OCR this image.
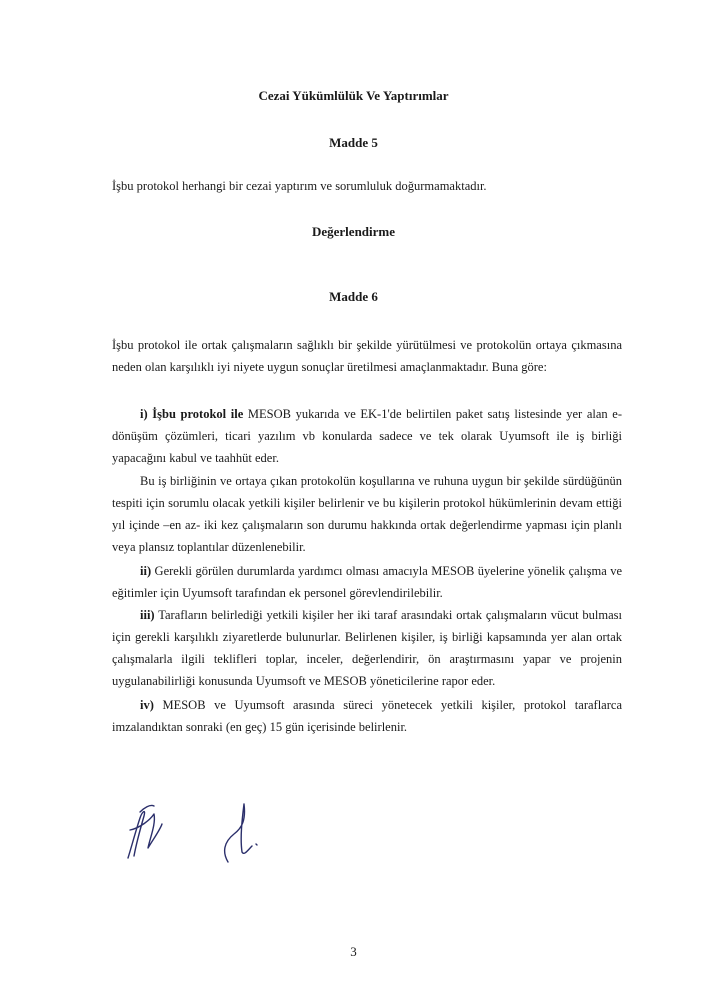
Cezai Yükümlülük Ve Yaptırımlar
Madde 5
İşbu protokol herhangi bir cezai yaptırım ve sorumluluk doğurmamaktadır.
Değerlendirme
Madde 6
İşbu protokol ile ortak çalışmaların sağlıklı bir şekilde yürütülmesi ve protokolün ortaya çıkmasına neden olan karşılıklı iyi niyete uygun sonuçlar üretilmesi amaçlanmaktadır. Buna göre:
i) İşbu protokol ile MESOB yukarıda ve EK-1'de belirtilen paket satış listesinde yer alan e-dönüşüm çözümleri, ticari yazılım vb konularda sadece ve tek olarak Uyumsoft ile iş birliği yapacağını kabul ve taahhüt eder.
Bu iş birliğinin ve ortaya çıkan protokolün koşullarına ve ruhuna uygun bir şekilde sürdüğünün tespiti için sorumlu olacak yetkili kişiler belirlenir ve bu kişilerin protokol hükümlerinin devam ettiği yıl içinde –en az- iki kez çalışmaların son durumu hakkında ortak değerlendirme yapması için planlı veya plansız toplantılar düzenlenebilir.
ii) Gerekli görülen durumlarda yardımcı olması amacıyla MESOB üyelerine yönelik çalışma ve eğitimler için Uyumsoft tarafından ek personel görevlendirilebilir.
iii) Tarafların belirlediği yetkili kişiler her iki taraf arasındaki ortak çalışmaların vücut bulması için gerekli karşılıklı ziyaretlerde bulunurlar. Belirlenen kişiler, iş birliği kapsamında yer alan ortak çalışmalarla ilgili teklifleri toplar, inceler, değerlendirir, ön araştırmasını yapar ve projenin uygulanabilirliği konusunda Uyumsoft ve MESOB yöneticilerine rapor eder.
iv) MESOB ve Uyumsoft arasında süreci yönetecek yetkili kişiler, protokol taraflarca imzalandıktan sonraki (en geç) 15 gün içerisinde belirlenir.
3
